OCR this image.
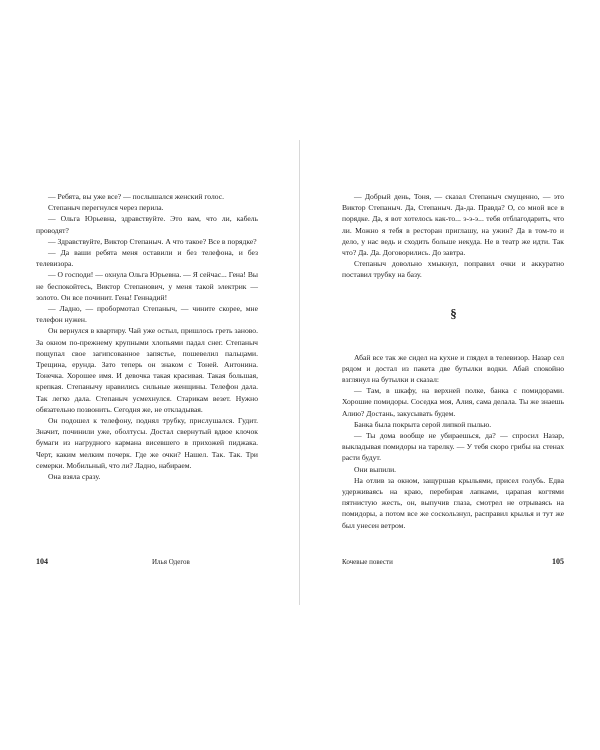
— Ребята, вы уже все? — послышался женский голос.

Степаныч перегнулся через перила.

— Ольга Юрьевна, здравствуйте. Это вам, что ли, кабель проводят?

— Здравствуйте, Виктор Степаныч. А что такое? Все в порядке?

— Да ваши ребята меня оставили и без телефона, и без телевизора.

— О господи! — охнула Ольга Юрьевна. — Я сейчас... Гена! Вы не беспокойтесь, Виктор Степанович, у меня такой электрик — золото. Он все починит. Гена! Геннадий!

— Ладно, — пробормотал Степаныч, — чините скорее, мне телефон нужен.

Он вернулся в квартиру. Чай уже остыл, пришлось греть заново. За окном по-прежнему крупными хлопьями падал снег. Степаныч пощупал свое загипсованное запястье, пошевелил пальцами. Трещина, ерунда. Зато теперь он знаком с Тоней. Антонина. Тонечка. Хорошее имя. И девочка такая красивая. Такая большая, крепкая. Степанычу нравились сильные женщины. Телефон дала. Так легко дала. Степаныч усмехнулся. Старикам везет. Нужно обязательно позвонить. Сегодня же, не откладывая.

Он подошел к телефону, поднял трубку, прислушался. Гудит. Значит, починили уже, оболтусы. Достал свернутый вдвое клочок бумаги из нагрудного кармана висевшего в прихожей пиджака. Черт, каким мелким почерк. Где же очки? Нашел. Так. Так. Три семерки. Мобильный, что ли? Ладно, набираем.

Она взяла сразу.

104	Илья Одегов

— Добрый день, Тоня, — сказал Степаныч смущенно, — это Виктор Степаныч. Да, Степаныч. Да-да. Правда? О, со мной все в порядке. Да, я вот хотелось как-то... э-э-э... тебя отблагодарить, что ли. Можно я тебя в ресторан приглашу, на ужин? Да в том-то и дело, у нас ведь и сходить больше некуда. Не в театр же идти. Так что? Да. Да. Договорились. До завтра.

Степаныч довольно хмыкнул, поправил очки и аккуратно поставил трубку на базу.

§

Абай все так же сидел на кухне и глядел в телевизор. Назар сел рядом и достал из пакета две бутылки водки. Абай спокойно взглянул на бутылки и сказал:

— Там, в шкафу, на верхней полке, банка с помидорами. Хорошие помидоры. Соседка моя, Алия, сама делала. Ты же знаешь Алию? Достань, закусывать будем.

Банка была покрыта серой липкой пылью.

— Ты дома вообще не убираешься, да? — спросил Назар, выкладывая помидоры на тарелку. — У тебя скоро грибы на стенах расти будут.

Они выпили.

На отлив за окном, защуршав крыльями, присел голубь. Едва удерживаясь на краю, перебирая лапками, царапая когтями пятнистую жесть, он, выпучив глаза, смотрел не отрываясь на помидоры, а потом все же соскользнул, расправил крылья и тут же был унесен ветром.

Кочевые повести	105
